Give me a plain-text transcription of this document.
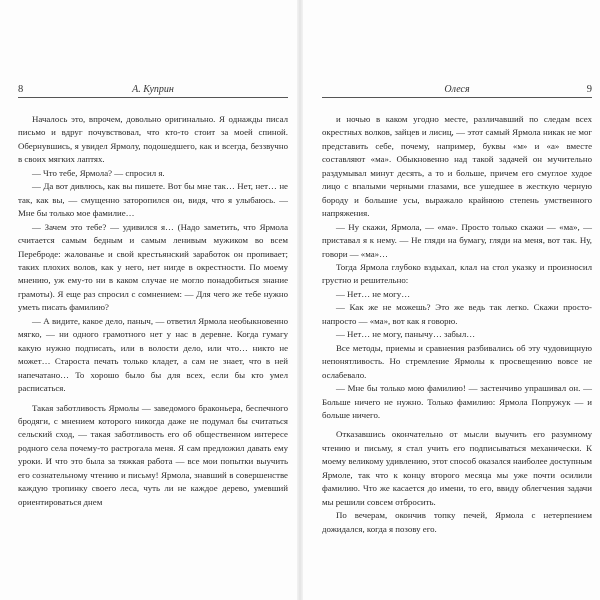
8	А. Куприн

Началось это, впрочем, довольно оригинально. Я однажды писал письмо и вдруг почувствовал, что кто-то стоит за моей спиной. Обернувшись, я увидел Ярмолу, подошедшего, как и всегда, беззвучно в своих мягких лаптях.

— Что тебе, Ярмола? — спросил я.

— Да вот дивлюсь, как вы пишете. Вот бы мне так… Нет, нет… не так, как вы, — смущенно заторопился он, видя, что я улыбаюсь. — Мне бы только мое фамилие…

— Зачем это тебе? — удивился я… (Надо заметить, что Ярмола считается самым бедным и самым ленивым мужиком во всем Переброде: жалованье и свой крестьянский заработок он пропивает; таких плохих волов, как у него, нет нигде в окрестности. По моему мнению, уж ему-то ни в каком случае не могло понадобиться знание грамоты). Я еще раз спросил с сомнением: — Для чего же тебе нужно уметь писать фамилию?

— А видите, какое дело, паныч, — ответил Ярмола необыкновенно мягко, — ни одного грамотного нет у нас в деревне. Когда гумагу какую нужно подписать, или в волости дело, или что… никто не может… Староста печать только кладет, а сам не знает, что в ней напечатано… То хорошо было бы для всех, если бы кто умел расписаться.

Такая заботливость Ярмолы — заведомого браконьера, беспечного бродяги, с мнением которого никогда даже не подумал бы считаться сельский сход, — такая заботливость его об общественном интересе родного села почему-то растрогала меня. Я сам предложил давать ему уроки. И что это была за тяжкая работа — все мои попытки выучить его сознательному чтению и письму! Ярмола, знавший в совершенстве каждую тропинку своего леса, чуть ли не каждое дерево, умевший ориентироваться днем

Олеся	9

и ночью в каком угодно месте, различавший по следам всех окрестных волков, зайцев и лисиц, — этот самый Ярмола никак не мог представить себе, почему, например, буквы «м» и «а» вместе составляют «ма». Обыкновенно над такой задачей он мучительно раздумывал минут десять, а то и больше, причем его смуглое худое лицо с впалыми черными глазами, все ушедшее в жесткую черную бороду и большие усы, выражало крайнюю степень умственного напряжения.

— Ну скажи, Ярмола, — «ма». Просто только скажи — «ма», — приставал я к нему. — Не гляди на бумагу, гляди на меня, вот так. Ну, говори — «ма»…

Тогда Ярмола глубоко вздыхал, клал на стол указку и произносил грустно и решительно:

— Нет… не могу…

— Как же не можешь? Это же ведь так легко. Скажи просто-напросто — «ма», вот как я говорю.

— Нет… не могу, панычу… забыл…

Все методы, приемы и сравнения разбивались об эту чудовищную непонятливость. Но стремление Ярмолы к просвещению вовсе не ослабевало.

— Мне бы только мою фамилию! — застенчиво упрашивал он. — Больше ничего не нужно. Только фамилию: Ярмола Попружук — и больше ничего.

Отказавшись окончательно от мысли выучить его разумному чтению и письму, я стал учить его подписываться механически. К моему великому удивлению, этот способ оказался наиболее доступным Ярмоле, так что к концу второго месяца мы уже почти осилили фамилию. Что же касается до имени, то его, ввиду облегчения задачи мы решили совсем отбросить.

По вечерам, окончив топку печей, Ярмола с нетерпением дожидался, когда я позову его.
